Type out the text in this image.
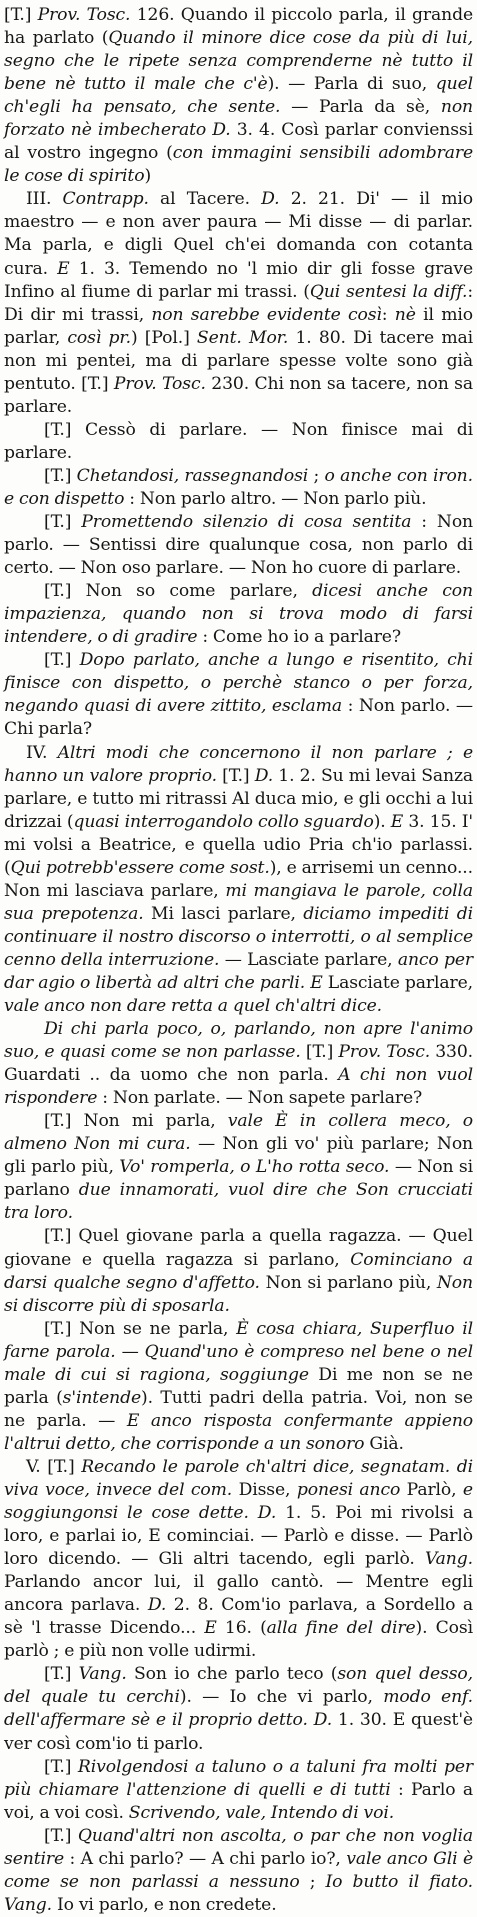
[T.] Prov. Tosc. 126. Quando il piccolo parla, il grande ha parlato (Quando il minore dice cose da più di lui, segno che le ripete senza comprenderne nè tutto il bene nè tutto il male che c'è). — Parla di suo, quel ch'egli ha pensato, che sente. — Parla da sè, non forzato nè imbecherato D. 3. 4. Così parlar convienssi al vostro ingegno (con immagini sensibili adombrare le cose di spirito)

III. Contrapp. al Tacere. D. 2. 21. Di' — il mio maestro — e non aver paura — Mi disse — di parlar. Ma parla, e digli Quel ch'ei domanda con cotanta cura. E 1. 3. Temendo no 'l mio dir gli fosse grave Infino al fiume di parlar mi trassi. (Qui sentesi la diff.: Di dir mi trassi, non sarebbe evidente così: nè il mio parlar, così pr.) [Pol.] Sent. Mor. 1. 80. Di tacere mai non mi pentei, ma di parlare spesse volte sono già pentuto. [T.] Prov. Tosc. 230. Chi non sa tacere, non sa parlare.

[T.] Cessò di parlare. — Non finisce mai di parlare.

[T.] Chetandosi, rassegnandosi ; o anche con iron. e con dispetto : Non parlo altro. — Non parlo più.

[T.] Promettendo silenzio di cosa sentita : Non parlo. — Sentissi dire qualunque cosa, non parlo di certo. — Non oso parlare. — Non ho cuore di parlare.

[T.] Non so come parlare, dicesi anche con impazienza, quando non si trova modo di farsi intendere, o di gradire : Come ho io a parlare?

[T.] Dopo parlato, anche a lungo e risentito, chi finisce con dispetto, o perchè stanco o per forza, negando quasi di avere zittito, esclama : Non parlo. — Chi parla?

IV. Altri modi che concernono il non parlare ; e hanno un valore proprio. [T.] D. 1. 2. Su mi levai Sanza parlare, e tutto mi ritrassi Al duca mio, e gli occhi a lui drizzai (quasi interrogandolo collo sguardo). E 3. 15. I' mi volsi a Beatrice, e quella udio Pria ch'io parlassi. (Qui potrebb'essere come sost.), e arrisemi un cenno... Non mi lasciava parlare, mi mangiava le parole, colla sua prepotenza. Mi lasci parlare, diciamo impediti di continuare il nostro discorso o interrotti, o al semplice cenno della interruzione. — Lasciate parlare, anco per dar agio o libertà ad altri che parli. E Lasciate parlare, vale anco non dare retta a quel ch'altri dice.

Di chi parla poco, o, parlando, non apre l'animo suo, e quasi come se non parlasse. [T.] Prov. Tosc. 330. Guardati .. da uomo che non parla. A chi non vuol rispondere : Non parlate. — Non sapete parlare?

[T.] Non mi parla, vale È in collera meco, o almeno Non mi cura. — Non gli vo' più parlare; Non gli parlo più, Vo' romperla, o L'ho rotta seco. — Non si parlano due innamorati, vuol dire che Son crucciati tra loro.

[T.] Quel giovane parla a quella ragazza. — Quel giovane e quella ragazza si parlano, Cominciano a darsi qualche segno d'affetto. Non si parlano più, Non si discorre più di sposarla.

[T.] Non se ne parla, È cosa chiara, Superfluo il farne parola. — Quand'uno è compreso nel bene o nel male di cui si ragiona, soggiunge Di me non se ne parla (s'intende). Tutti padri della patria. Voi, non se ne parla. — E anco risposta confermante appieno l'altrui detto, che corrisponde a un sonoro Già.

V. [T.] Recando le parole ch'altri dice, segnatam. di viva voce, invece del com. Disse, ponesi anco Parlò, e soggiungonsi le cose dette. D. 1. 5. Poi mi rivolsi a loro, e parlai io, E cominciai. — Parlò e disse. — Parlò loro dicendo. — Gli altri tacendo, egli parlò. Vang. Parlando ancor lui, il gallo cantò. — Mentre egli ancora parlava. D. 2. 8. Com'io parlava, a Sordello a sè 'l trasse Dicendo... E 16. (alla fine del dire). Così parlò ; e più non volle udirmi.

[T.] Vang. Son io che parlo teco (son quel desso, del quale tu cerchi). — Io che vi parlo, modo enf. dell'affermare sè e il proprio detto. D. 1. 30. E quest'è ver così com'io ti parlo.

[T.] Rivolgendosi a taluno o a taluni fra molti per più chiamare l'attenzione di quelli e di tutti : Parlo a voi, a voi così. Scrivendo, vale, Intendo di voi.

[T.] Quand'altri non ascolta, o par che non voglia sentire : A chi parlo? — A chi parlo io?, vale anco Gli è come se non parlassi a nessuno ; Io butto il fiato. Vang. Io vi parlo, e non credete.
